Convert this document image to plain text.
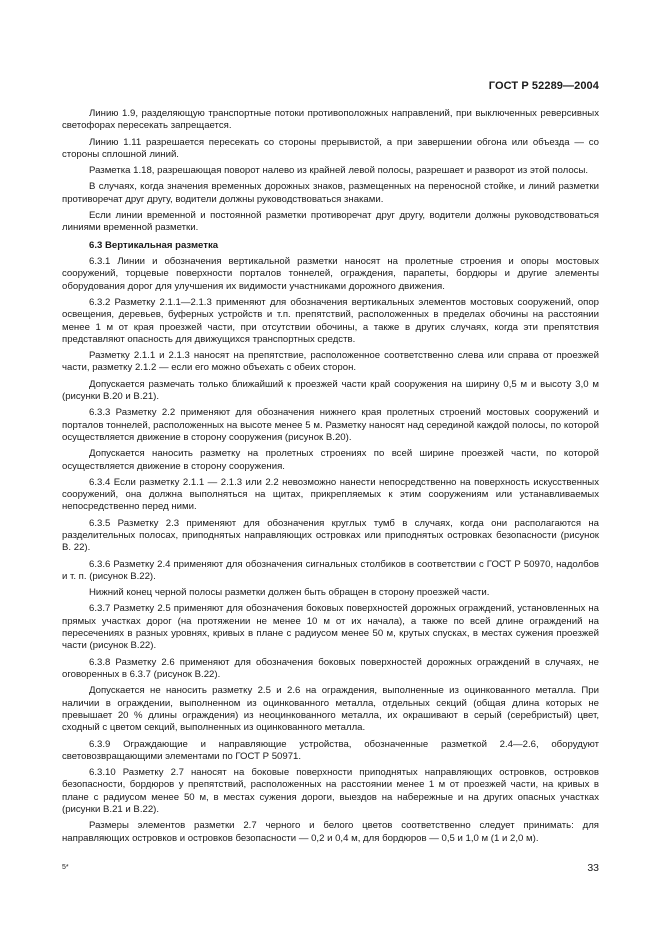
ГОСТ Р 52289—2004

Линию 1.9, разделяющую транспортные потоки противоположных направлений, при выключенных реверсивных светофорах пересекать запрещается.

Линию 1.11 разрешается пересекать со стороны прерывистой, а при завершении обгона или объезда — со стороны сплошной линий.

Разметка 1.18, разрешающая поворот налево из крайней левой полосы, разрешает и разворот из этой полосы.

В случаях, когда значения временных дорожных знаков, размещенных на переносной стойке, и линий разметки противоречат друг другу, водители должны руководствоваться знаками.

Если линии временной и постоянной разметки противоречат друг другу, водители должны руководствоваться линиями временной разметки.

6.3 Вертикальная разметка

6.3.1 Линии и обозначения вертикальной разметки наносят на пролетные строения и опоры мостовых сооружений, торцевые поверхности порталов тоннелей, ограждения, парапеты, бордюры и другие элементы оборудования дорог для улучшения их видимости участниками дорожного движения.

6.3.2 Разметку 2.1.1—2.1.3 применяют для обозначения вертикальных элементов мостовых сооружений, опор освещения, деревьев, буферных устройств и т.п. препятствий, расположенных в пределах обочины на расстоянии менее 1 м от края проезжей части, при отсутствии обочины, а также в других случаях, когда эти препятствия представляют опасность для движущихся транспортных средств.

Разметку 2.1.1 и 2.1.3 наносят на препятствие, расположенное соответственно слева или справа от проезжей части, разметку 2.1.2 — если его можно объехать с обеих сторон.

Допускается размечать только ближайший к проезжей части край сооружения на ширину 0,5 м и высоту 3,0 м (рисунки В.20 и В.21).

6.3.3 Разметку 2.2 применяют для обозначения нижнего края пролетных строений мостовых сооружений и порталов тоннелей, расположенных на высоте менее 5 м. Разметку наносят над серединой каждой полосы, по которой осуществляется движение в сторону сооружения (рисунок В.20).

Допускается наносить разметку на пролетных строениях по всей ширине проезжей части, по которой осуществляется движение в сторону сооружения.

6.3.4 Если разметку 2.1.1 — 2.1.3 или 2.2 невозможно нанести непосредственно на поверхность искусственных сооружений, она должна выполняться на щитах, прикрепляемых к этим сооружениям или устанавливаемых непосредственно перед ними.

6.3.5 Разметку 2.3 применяют для обозначения круглых тумб в случаях, когда они располагаются на разделительных полосах, приподнятых направляющих островках или приподнятых островках безопасности (рисунок В. 22).

6.3.6 Разметку 2.4 применяют для обозначения сигнальных столбиков в соответствии с ГОСТ Р 50970, надолбов и т. п. (рисунок В.22).

Нижний конец черной полосы разметки должен быть обращен в сторону проезжей части.

6.3.7 Разметку 2.5 применяют для обозначения боковых поверхностей дорожных ограждений, установленных на прямых участках дорог (на протяжении не менее 10 м от их начала), а также по всей длине ограждений на пересечениях в разных уровнях, кривых в плане с радиусом менее 50 м, крутых спусках, в местах сужения проезжей части (рисунок В.22).

6.3.8 Разметку 2.6 применяют для обозначения боковых поверхностей дорожных ограждений в случаях, не оговоренных в 6.3.7 (рисунок В.22).

Допускается не наносить разметку 2.5 и 2.6 на ограждения, выполненные из оцинкованного металла. При наличии в ограждении, выполненном из оцинкованного металла, отдельных секций (общая длина которых не превышает 20 % длины ограждения) из неоцинкованного металла, их окрашивают в серый (серебристый) цвет, сходный с цветом секций, выполненных из оцинкованного металла.

6.3.9 Ограждающие и направляющие устройства, обозначенные разметкой 2.4—2.6, оборудуют световозвращающими элементами по ГОСТ Р 50971.

6.3.10 Разметку 2.7 наносят на боковые поверхности приподнятых направляющих островков, островков безопасности, бордюров у препятствий, расположенных на расстоянии менее 1 м от проезжей части, на кривых в плане с радиусом менее 50 м, в местах сужения дороги, выездов на набережные и на других опасных участках (рисунки В.21 и В.22).

Размеры элементов разметки 2.7 черного и белого цветов соответственно следует принимать: для направляющих островков и островков безопасности — 0,2 и 0,4 м, для бордюров — 0,5 и 1,0 м (1 и 2,0 м).

5*	33
